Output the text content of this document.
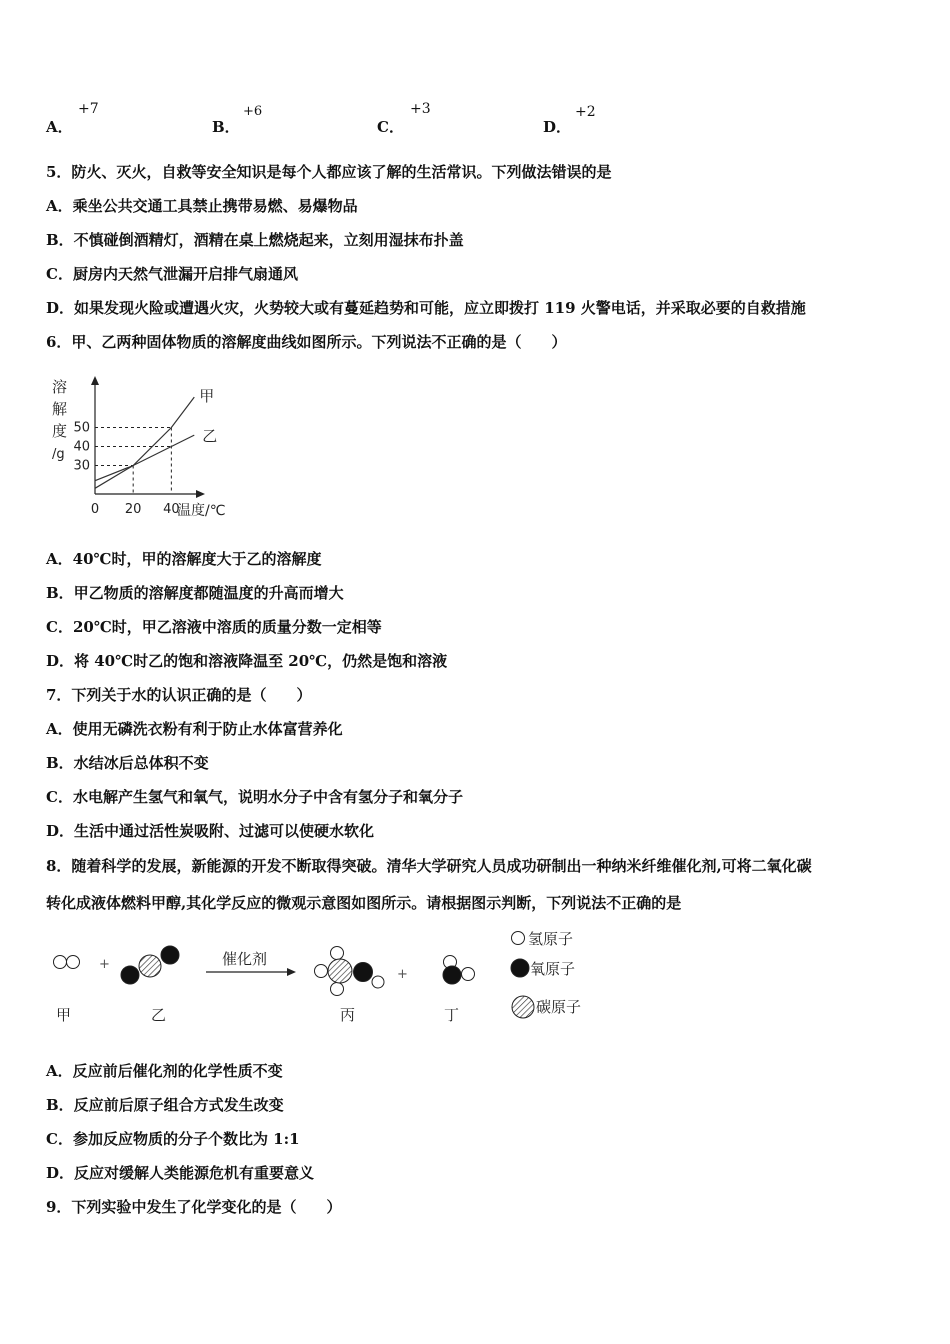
A．
+7
B．
+6
C．
+3
D．
+2
5．防火、灭火，自救等安全知识是每个人都应该了解的生活常识。下列做法错误的是
A．乘坐公共交通工具禁止携带易燃、易爆物品
B．不慎碰倒酒精灯，酒精在桌上燃烧起来，立刻用湿抹布扑盖
C．厨房内天然气泄漏开启排气扇通风
D．如果发现火险或遭遇火灾，火势较大或有蔓延趋势和可能，应立即拨打 119 火警电话，并采取必要的自救措施
6．甲、乙两种固体物质的溶解度曲线如图所示。下列说法不正确的是（　　）
溶
解
度
/g
0 20 40
30
40
50
温度/℃
甲
乙
A．40℃时，甲的溶解度大于乙的溶解度
B．甲乙物质的溶解度都随温度的升高而增大
C．20℃时，甲乙溶液中溶质的质量分数一定相等
D．将 40℃时乙的饱和溶液降温至 20℃，仍然是饱和溶液
7．下列关于水的认识正确的是（　　）
A．使用无磷洗衣粉有利于防止水体富营养化
B．水结冰后总体积不变
C．水电解产生氢气和氧气，说明水分子中含有氢分子和氧分子
D．生活中通过活性炭吸附、过滤可以使硬水软化
8．随着科学的发展，新能源的开发不断取得突破。清华大学研究人员成功研制出一种纳米纤维催化剂,可将二氧化碳
转化成液体燃料甲醇,其化学反应的微观示意图如图所示。请根据图示判断，下列说法不正确的是
催化剂
+
+
甲	乙	丙	丁
氢原子
氧原子
碳原子
A．反应前后催化剂的化学性质不变
B．反应前后原子组合方式发生改变
C．参加反应物质的分子个数比为 1:1
D．反应对缓解人类能源危机有重要意义
9．下列实验中发生了化学变化的是（　　）
